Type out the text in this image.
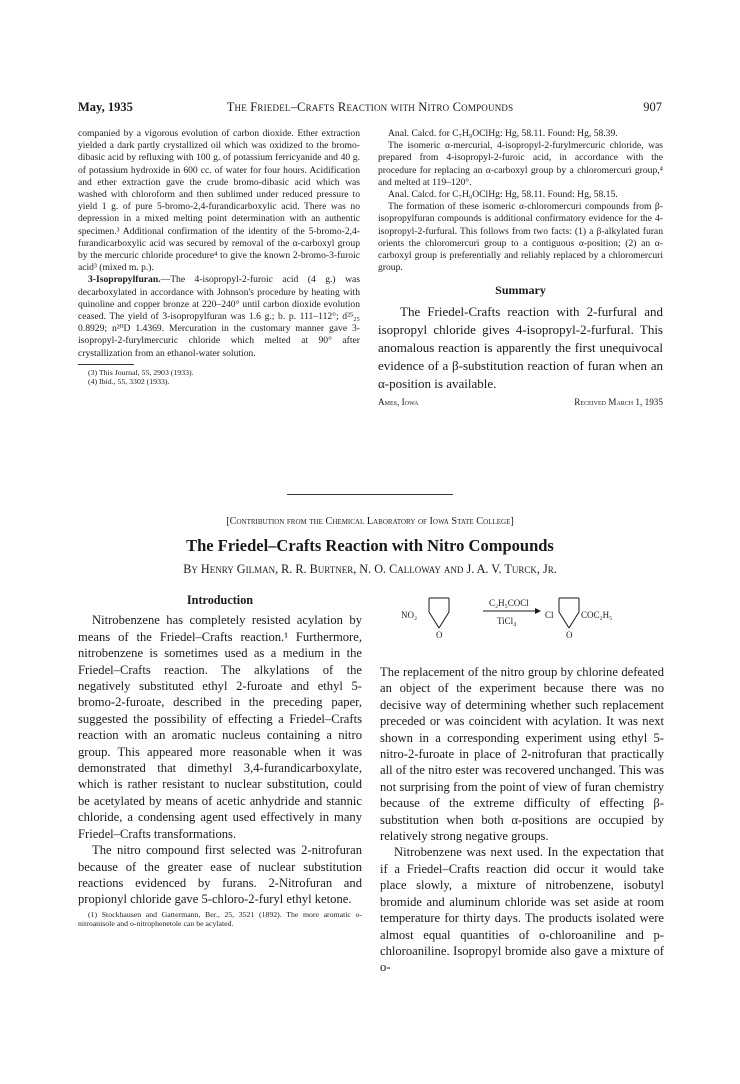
May, 1935	The Friedel–Crafts Reaction with Nitro Compounds	907

companied by a vigorous evolution of carbon dioxide. Ether extraction yielded a dark partly crystallized oil which was oxidized to the bromo-dibasic acid by refluxing with 100 g. of potassium ferricyanide and 40 g. of potassium hydroxide in 600 cc. of water for four hours. Acidification and ether extraction gave the crude bromo-dibasic acid which was washed with chloroform and then sublimed under reduced pressure to yield 1 g. of pure 5-bromo-2,4-furandicarboxylic acid. There was no depression in a mixed melting point determination with an authentic specimen.³ Additional confirmation of the identity of the 5-bromo-2,4-furandicarboxylic acid was secured by removal of the α-carboxyl group by the mercuric chloride procedure⁴ to give the known 2-bromo-3-furoic acid³ (mixed m. p.).

3-Isopropylfuran.—The 4-isopropyl-2-furoic acid (4 g.) was decarboxylated in accordance with Johnson's procedure by heating with quinoline and copper bronze at 220–240° until carbon dioxide evolution ceased. The yield of 3-isopropylfuran was 1.6 g.; b. p. 111–112°; d²⁵₂₅ 0.8929; n²⁰D 1.4369. Mercuration in the customary manner gave 3-isopropyl-2-furylmercuric chloride which melted at 90° after crystallization from an ethanol-water solution.

(3) This Journal, 55, 2903 (1933).

(4) Ibid., 55, 3302 (1933).

Anal. Calcd. for C₇H₉OClHg: Hg, 58.11. Found: Hg, 58.39.

The isomeric α-mercurial, 4-isopropyl-2-furylmercuric chloride, was prepared from 4-isopropyl-2-furoic acid, in accordance with the procedure for replacing an α-carboxyl group by a chloromercuri group,⁴ and melted at 119–120°.

Anal. Calcd. for C₇H₉OClHg: Hg, 58.11. Found: Hg, 58.15.

The formation of these isomeric α-chloromercuri compounds from β-isopropylfuran compounds is additional confirmatory evidence for the 4-isopropyl-2-furfural. This follows from two facts: (1) a β-alkylated furan orients the chloromercuri group to a contiguous α-position; (2) an α-carboxyl group is preferentially and reliably replaced by a chloromercuri group.

Summary

The Friedel-Crafts reaction with 2-furfural and isopropyl chloride gives 4-isopropyl-2-furfural. This anomalous reaction is apparently the first unequivocal evidence of a β-substitution reaction of furan when an α-position is available.

Ames, Iowa	Received March 1, 1935
[Contribution from the Chemical Laboratory of Iowa State College]
The Friedel–Crafts Reaction with Nitro Compounds
By Henry Gilman, R. R. Burtner, N. O. Calloway and J. A. V. Turck, Jr.
Introduction

Nitrobenzene has completely resisted acylation by means of the Friedel–Crafts reaction.¹ Furthermore, nitrobenzene is sometimes used as a medium in the Friedel–Crafts reaction. The alkylations of the negatively substituted ethyl 2-furoate and ethyl 5-bromo-2-furoate, described in the preceding paper, suggested the possibility of effecting a Friedel–Crafts reaction with an aromatic nucleus containing a nitro group. This appeared more reasonable when it was demonstrated that dimethyl 3,4-furandicarboxylate, which is rather resistant to nuclear substitution, could be acetylated by means of acetic anhydride and stannic chloride, a condensing agent used effectively in many Friedel–Crafts transformations.

The nitro compound first selected was 2-nitrofuran because of the greater ease of nuclear substitution reactions evidenced by furans. 2-Nitrofuran and propionyl chloride gave 5-chloro-2-furyl ethyl ketone.

(1) Stockhausen and Gattermann, Ber., 25, 3521 (1892). The more aromatic o-nitroanisole and o-nitrophenetole can be acylated.

NO₂
O
C₂H₅COCl
TiCl₄
Cl	COC₂H₅
O

The replacement of the nitro group by chlorine defeated an object of the experiment because there was no decisive way of determining whether such replacement preceded or was coincident with acylation. It was next shown in a corresponding experiment using ethyl 5-nitro-2-furoate in place of 2-nitrofuran that practically all of the nitro ester was recovered unchanged. This was not surprising from the point of view of furan chemistry because of the extreme difficulty of effecting β-substitution when both α-positions are occupied by relatively strong negative groups.

Nitrobenzene was next used. In the expectation that if a Friedel–Crafts reaction did occur it would take place slowly, a mixture of nitrobenzene, isobutyl bromide and aluminum chloride was set aside at room temperature for thirty days. The products isolated were almost equal quantities of o-chloroaniline and p-chloroaniline. Isopropyl bromide also gave a mixture of o-
